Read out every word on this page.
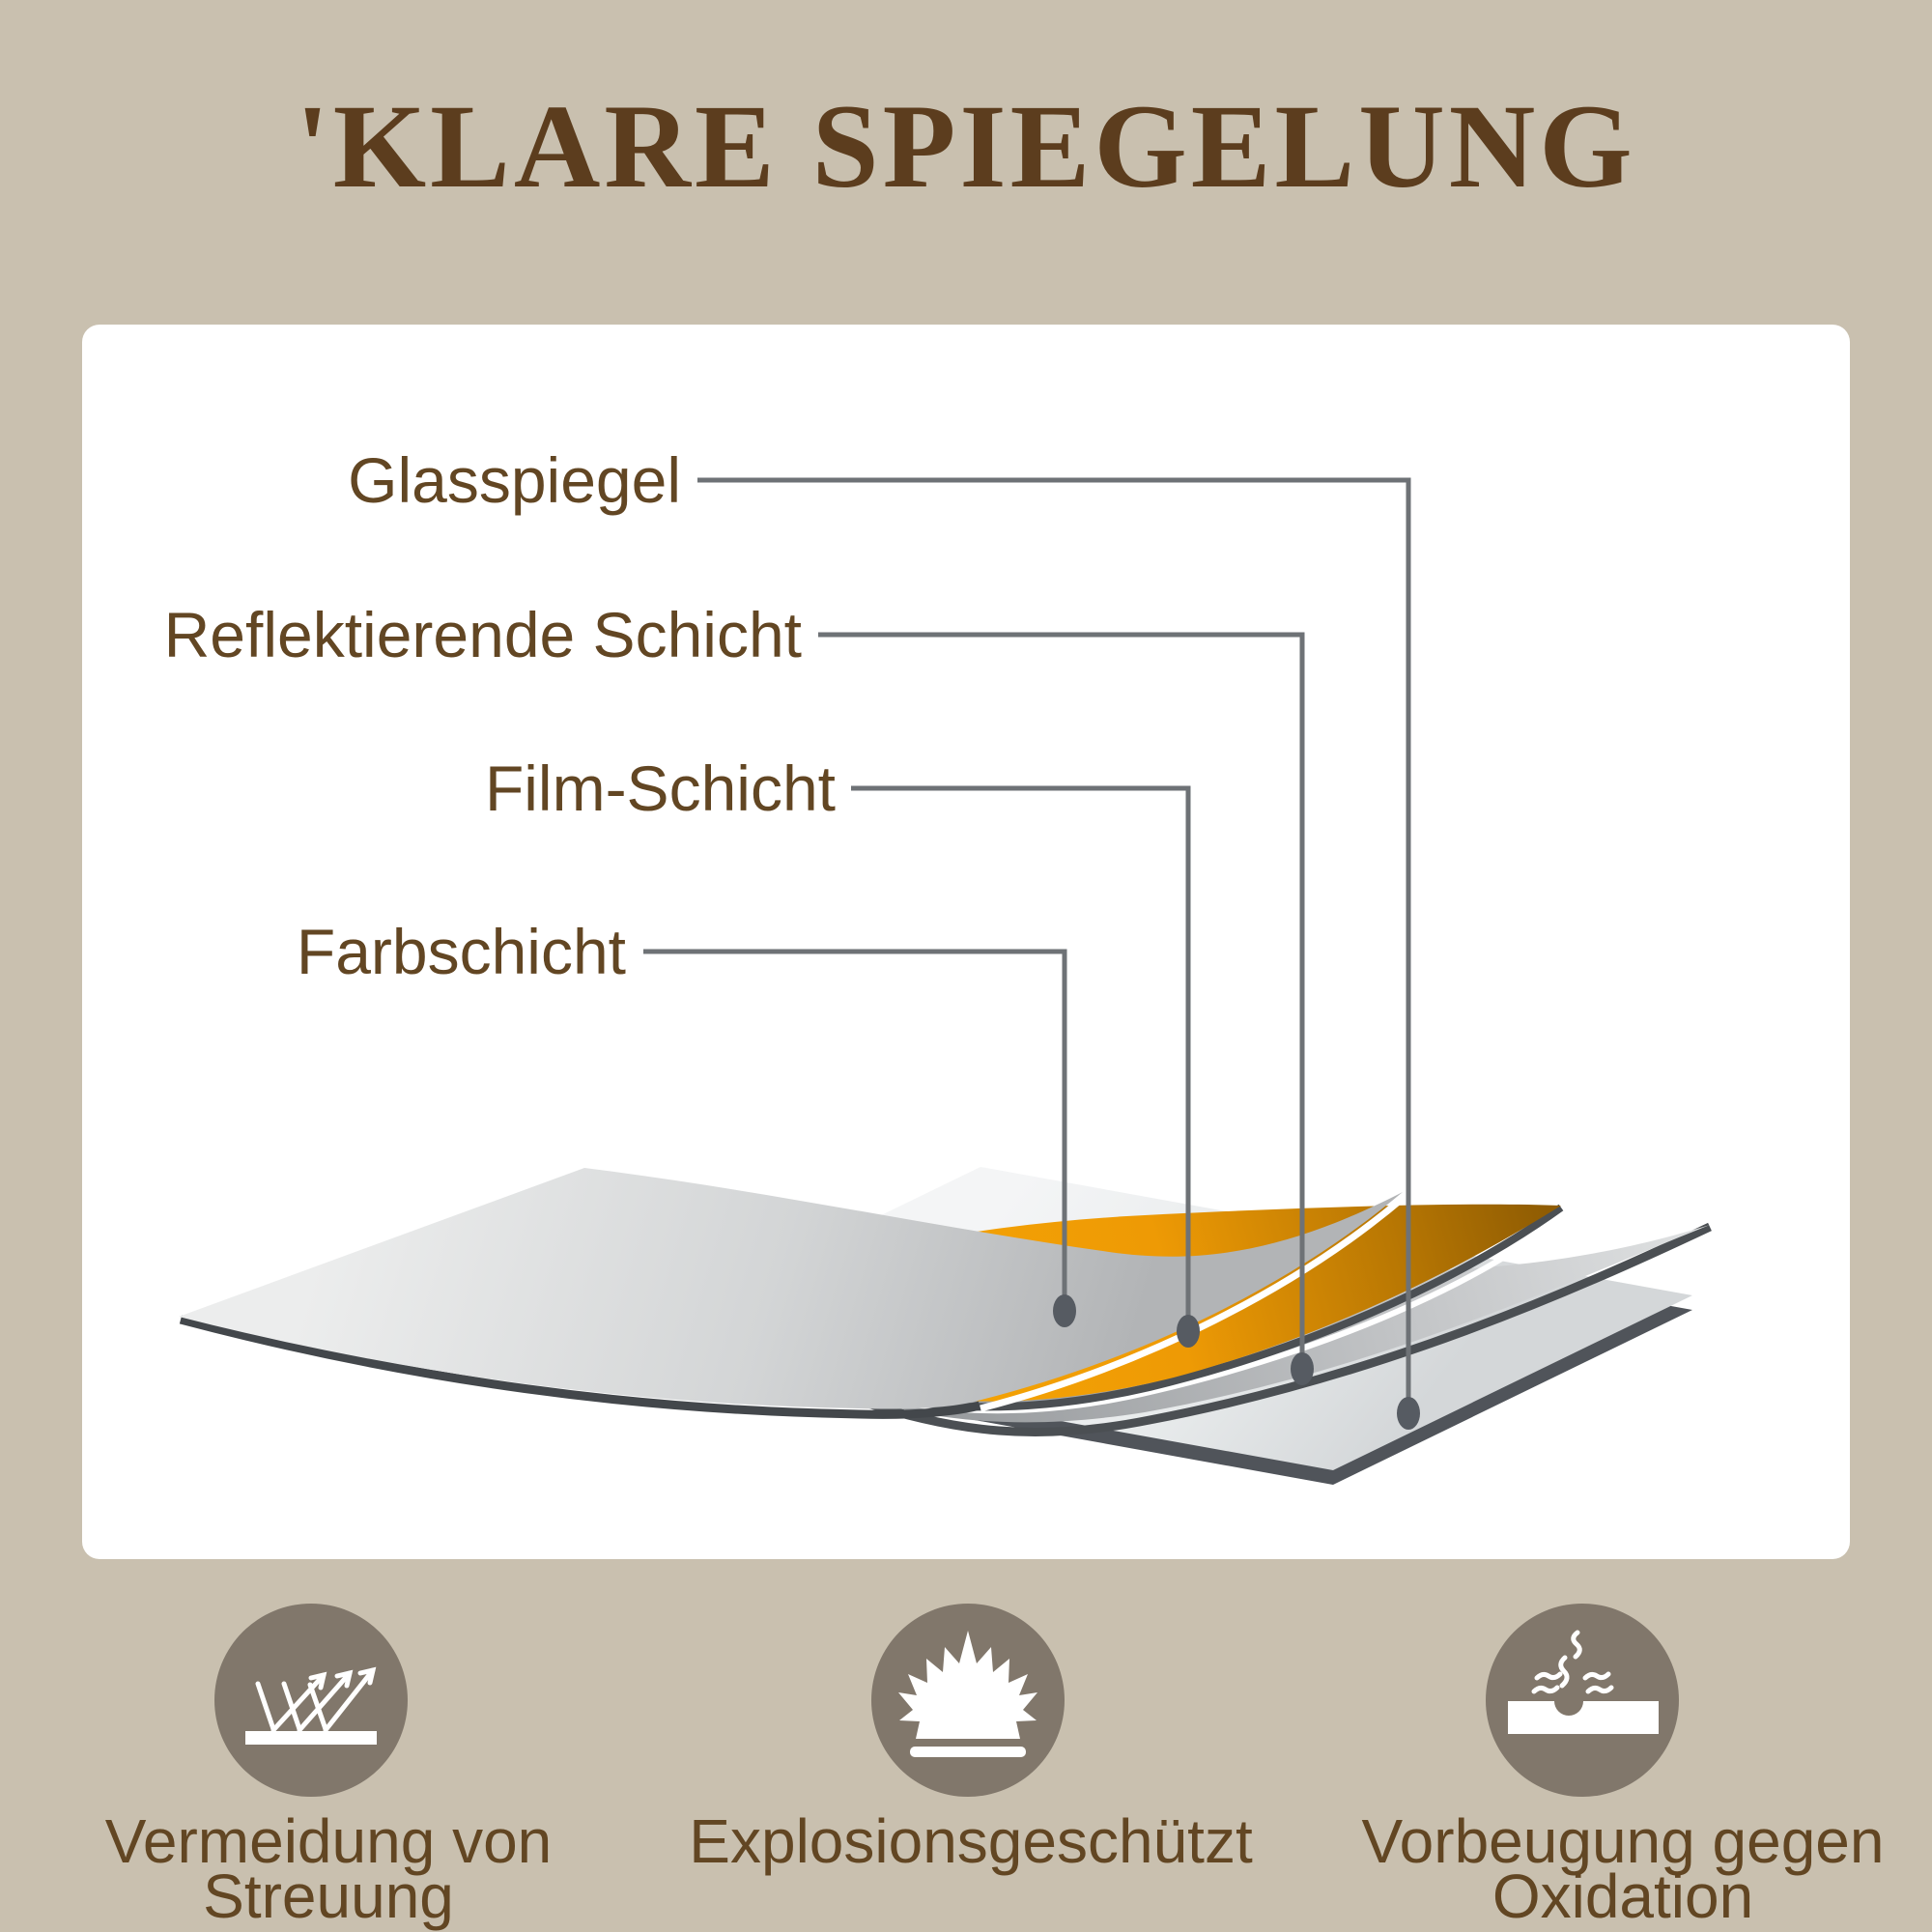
'KLARE SPIEGELUNG
Glasspiegel
Reflektierende Schicht
Film-Schicht
Farbschicht
Vermeidung von
Streuung
Explosionsgeschützt	Vorbeugung gegen
Oxidation
